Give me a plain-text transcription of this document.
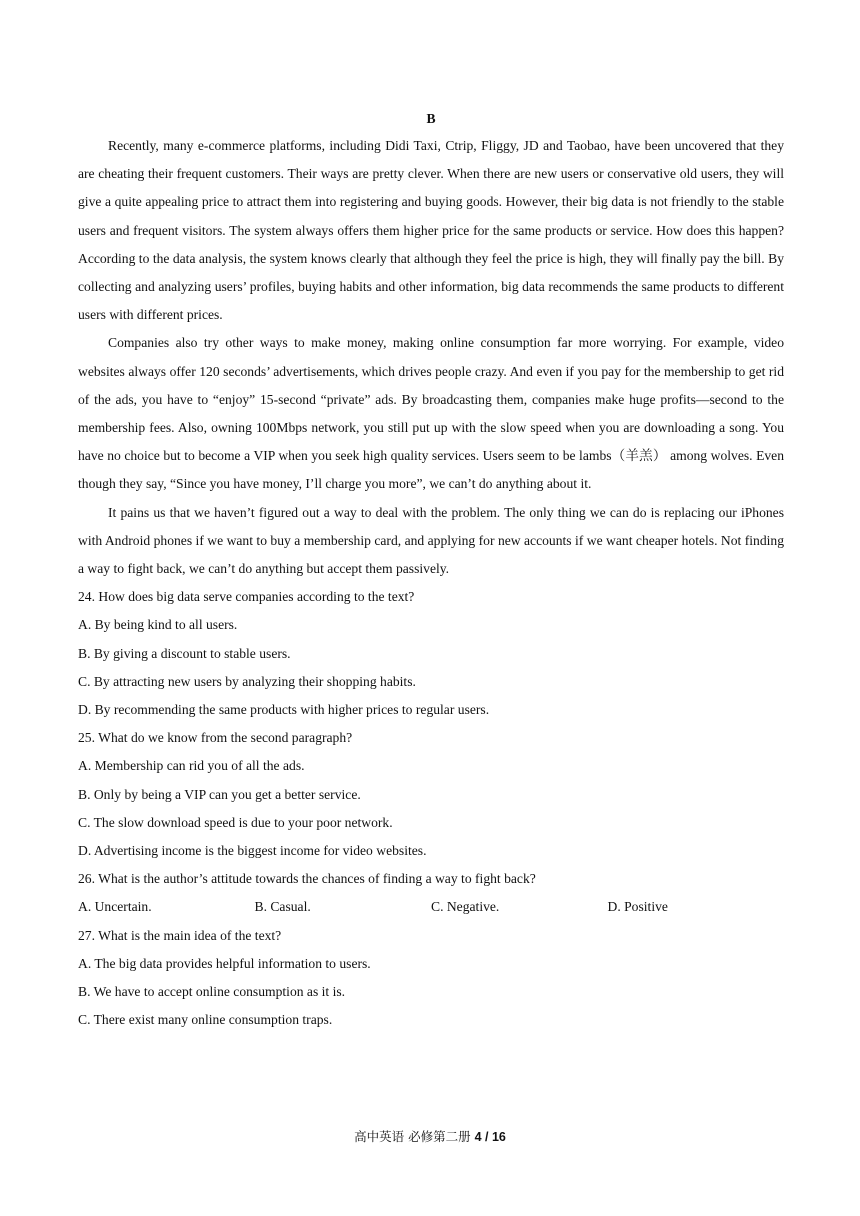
B

Recently, many e-commerce platforms, including Didi Taxi, Ctrip, Fliggy, JD and Taobao, have been uncovered that they are cheating their frequent customers. Their ways are pretty clever. When there are new users or conservative old users, they will give a quite appealing price to attract them into registering and buying goods. However, their big data is not friendly to the stable users and frequent visitors. The system always offers them higher price for the same products or service. How does this happen? According to the data analysis, the system knows clearly that although they feel the price is high, they will finally pay the bill. By collecting and analyzing users’ profiles, buying habits and other information, big data recommends the same products to different users with different prices.

Companies also try other ways to make money, making online consumption far more worrying. For example, video websites always offer 120 seconds’ advertisements, which drives people crazy. And even if you pay for the membership to get rid of the ads, you have to “enjoy” 15-second “private” ads. By broadcasting them, companies make huge profits—second to the membership fees. Also, owning 100Mbps network, you still put up with the slow speed when you are downloading a song. You have no choice but to become a VIP when you seek high quality services. Users seem to be lambs（羊羔） among wolves. Even though they say, “Since you have money, I’ll charge you more”, we can’t do anything about it.

It pains us that we haven’t figured out a way to deal with the problem. The only thing we can do is replacing our iPhones with Android phones if we want to buy a membership card, and applying for new accounts if we want cheaper hotels. Not finding a way to fight back, we can’t do anything but accept them passively.

24. How does big data serve companies according to the text?
A. By being kind to all users.
B. By giving a discount to stable users.
C. By attracting new users by analyzing their shopping habits.
D. By recommending the same products with higher prices to regular users.
25. What do we know from the second paragraph?
A. Membership can rid you of all the ads.
B. Only by being a VIP can you get a better service.
C. The slow download speed is due to your poor network.
D. Advertising income is the biggest income for video websites.
26. What is the author’s attitude towards the chances of finding a way to fight back?
A. Uncertain.	B. Casual.	C. Negative.	D. Positive
27. What is the main idea of the text?
A. The big data provides helpful information to users.
B. We have to accept online consumption as it is.
C. There exist many online consumption traps.
高中英语 必修第二册 4 / 16
